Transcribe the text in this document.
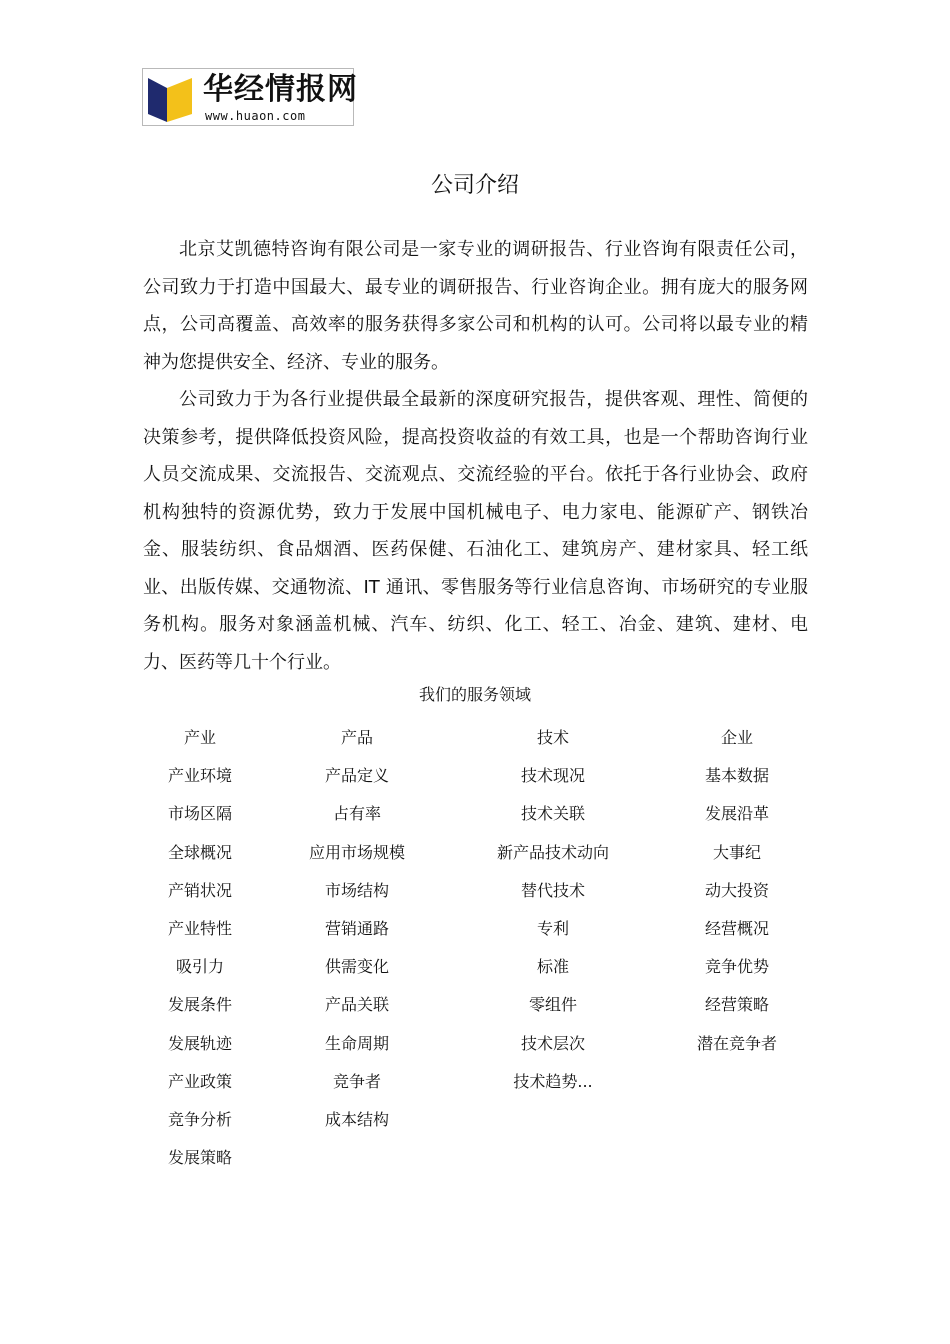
华经情报网
www.huaon.com
公司介绍

北京艾凯德特咨询有限公司是一家专业的调研报告、行业咨询有限责任公司，公司致力于打造中国最大、最专业的调研报告、行业咨询企业。拥有庞大的服务网点，公司高覆盖、高效率的服务获得多家公司和机构的认可。公司将以最专业的精神为您提供安全、经济、专业的服务。

公司致力于为各行业提供最全最新的深度研究报告，提供客观、理性、简便的决策参考，提供降低投资风险，提高投资收益的有效工具，也是一个帮助咨询行业人员交流成果、交流报告、交流观点、交流经验的平台。依托于各行业协会、政府机构独特的资源优势，致力于发展中国机械电子、电力家电、能源矿产、钢铁冶金、服装纺织、食品烟酒、医药保健、石油化工、建筑房产、建材家具、轻工纸业、出版传媒、交通物流、IT 通讯、零售服务等行业信息咨询、市场研究的专业服务机构。服务对象涵盖机械、汽车、纺织、化工、轻工、冶金、建筑、建材、电力、医药等几十个行业。

我们的服务领域
产业
产业环境
市场区隔
全球概况
产销状况
产业特性
吸引力
发展条件
发展轨迹
产业政策
竞争分析
发展策略
产品
产品定义
占有率
应用市场规模
市场结构
营销通路
供需变化
产品关联
生命周期
竞争者
成本结构
技术
技术现况
技术关联
新产品技术动向
替代技术
专利
标准
零组件
技术层次
技术趋势...
企业
基本数据
发展沿革
大事纪
动大投资
经营概况
竞争优势
经营策略
潜在竞争者
